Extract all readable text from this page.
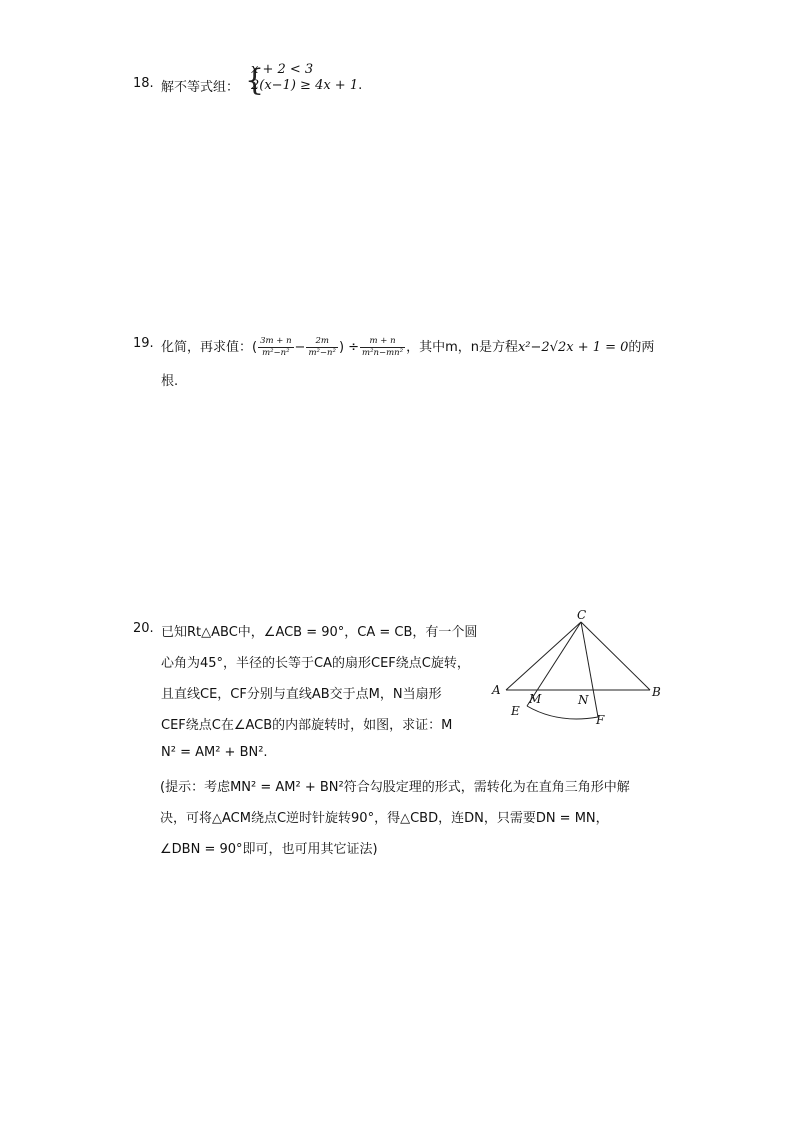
18. 解不等式组： {
x + 2 < 3
2(x−1) ≥ 4x + 1.
19. 化简，再求值：( $\frac{3m + n}{\text{m²−n²}} - \frac{2m}{\text{m²−n²}}$ ) ÷ $\frac{m + n}{\text{m²n−mn²}}$ ，其中m，n是方程x²−2√2x + 1 = 0的两
根.
20. 已知Rt△ABC中，∠ACB = 90°，CA = CB，有一个圆
心角为45°，半径的长等于CA的扇形CEF绕点C旋转，
且直线CE，CF分别与直线AB交于点M，N当扇形
CEF绕点C在∠ACB的内部旋转时，如图，求证：M
N² = AM² + BN².
(提示：考虑MN² = AM² + BN²符合勾股定理的形式，需转化为在直角三角形中解
决，可将△ACM绕点C逆时针旋转90°，得△CBD，连DN，只需要DN = MN，
∠DBN = 90°即可，也可用其它证法)
C
A	B
M	N
E
F
